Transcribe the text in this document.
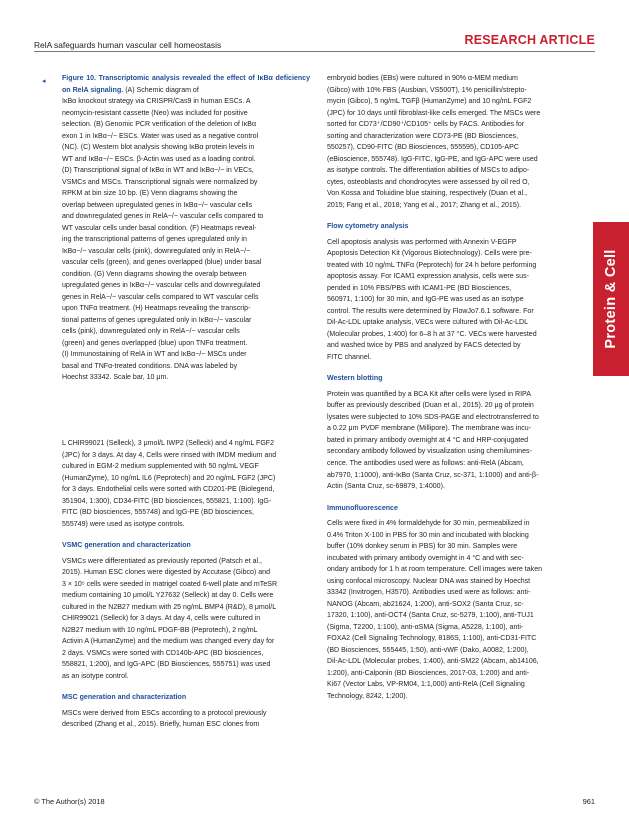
RelA safeguards human vascular cell homeostasis	RESEARCH ARTICLE
◂ Figure 10. Transcriptomic analysis revealed the effect of IκBα deficiency on RelA signaling. (A) Schemic diagram of
IκBα knockout strategy via CRISPR/Cas9 in human ESCs. A
neomycin-resistant cassette (Neo) was included for positive
selection. (B) Genomic PCR verification of the deletion of IκBα
exon 1 in IκBα−/− ESCs. Water was used as a negative control
(NC). (C) Western blot analysis showing IκBα protein levels in
WT and IκBα−/− ESCs. β-Actin was used as a loading control.
(D) Transcriptional signal of IκBα in WT and IκBα−/− in VECs,
VSMCs and MSCs. Transcriptional signals were normalized by
RPKM at bin size 10 bp. (E) Venn diagrams showing the
overlap between upregulated genes in IκBα−/− vascular cells
and downregulated genes in RelA−/− vascular cells compared to
WT vascular cells under basal condition. (F) Heatmaps reveal-
ing the transcriptional patterns of genes upregulated only in
IκBα−/− vascular cells (pink), downregulated only in RelA−/−
vascular cells (green), and genes overlapped (blue) under basal
condition. (G) Venn diagrams showing the overalp between
upregulated genes in IκBα−/− vascular cells and downregulated
genes in RelA−/− vascular cells compared to WT vascular cells
upon TNFα treatment. (H) Heatmaps revealing the transcrip-
tional patterns of genes upregulated only in IκBα−/− vascular
cells (pink), downregulated only in RelA−/− vascular cells
(green) and genes overlapped (blue) upon TNFα treatment.
(I) Immunostaining of RelA in WT and IκBα−/− MSCs under
basal and TNFα-treated conditions. DNA was labeled by
Hoechst 33342. Scale bar, 10 μm.
L CHIR99021 (Selleck), 3 μmol/L IWP2 (Selleck) and 4 ng/mL FGF2
(JPC) for 3 days. At day 4, Cells were rinsed with IMDM medium and
cultured in EGM-2 medium supplemented with 50 ng/mL VEGF
(HumanZyme), 10 ng/mL IL6 (Peprotech) and 20 ng/mL FGF2 (JPC)
for 3 days. Endothelial cells were sorted with CD201-PE (Biolegend,
351904, 1:300), CD34-FITC (BD biosciences, 555821, 1:100). IgG-
FITC (BD biosciences, 555748) and IgG-PE (BD biosciences,
555749) were used as isotype controls.

VSMC generation and characterization

VSMCs were differentiated as previously reported (Patsch et al.,
2015). Human ESC clones were digested by Accutase (Gibco) and
3 × 10⁵ cells were seeded in matrigel coated 6-well plate and mTeSR
medium containing 10 μmol/L Y27632 (Selleck) at day 0. Cells were
cultured in the N2B27 medium with 25 ng/mL BMP4 (R&D), 8 μmol/L
CHIR99021 (Selleck) for 3 days. At day 4, cells were cultured in
N2B27 medium with 10 ng/mL PDGF-BB (Peprotech), 2 ng/mL
Activin A (HumanZyme) and the medium was changed every day for
2 days. VSMCs were sorted with CD140b-APC (BD biosciences,
558821, 1:200), and IgG-APC (BD Biosciences, 555751) was used
as an isotype control.

MSC generation and characterization

MSCs were derived from ESCs according to a protocol previously
described (Zhang et al., 2015). Briefly, human ESC clones from
embryoid bodies (EBs) were cultured in 90% α-MEM medium
(Gibco) with 10% FBS (Ausbian, VS500T), 1% penicillin/strepto-
mycin (Gibco), 5 ng/mL TGFβ (HumanZyme) and 10 ng/mL FGF2
(JPC) for 10 days until fibroblast-like cells emerged. The MSCs were
sorted for CD73⁺/CD90⁺/CD105⁺ cells by FACS. Antibodies for
sorting and characterization were CD73-PE (BD Biosciences,
550257), CD90-FITC (BD Biosciences, 555595), CD105-APC
(eBioscience, 555748). IgG-FITC, IgG-PE, and IgG-APC were used
as isotype controls. The differentiation abilities of MSCs to adipo-
cytes, osteoblasts and chondrocytes were assessed by oil red O,
Von Kossa and Toluidine blue staining, respectively (Duan et al.,
2015; Fang et al., 2018; Yang et al., 2017; Zhang et al., 2015).

Flow cytometry analysis

Cell apoptosis analysis was performed with Annexin V-EGFP
Apoptosis Detection Kit (Vigorous Biotechnology). Cells were pre-
treated with 10 ng/mL TNFα (Peprotech) for 24 h before performing
apoptosis assay. For ICAM1 expression analysis, cells were sus-
pended in 10% FBS/PBS with ICAM1-PE (BD Biosciences,
560971, 1:100) for 30 min, and IgG-PE was used as an isotype
control. The results were determined by FlowJo7.6.1 software. For
Dil-Ac-LDL uptake analysis, VECs were cultured with Dil-Ac-LDL
(Molecular probes, 1:400) for 6–8 h at 37 °C. VECs were harvested
and washed twice by PBS and analyzed by FACS detected by
FITC channel.

Western blotting

Protein was quantified by a BCA Kit after cells were lysed in RIPA
buffer as previously described (Duan et al., 2015). 20 μg of protein
lysates were subjected to 10% SDS-PAGE and electrotransferred to
a 0.22 μm PVDF membrane (Millipore). The membrane was incu-
bated in primary antibody overnight at 4 °C and HRP-conjugated
secondary antibody followed by visualization using chemilumines-
cence. The antibodies used were as follows: anti-RelA (Abcam,
ab7970, 1:1000), anti-IκBα (Santa Cruz, sc-371, 1:1000) and anti-β-
Actin (Santa Cruz, sc-69879, 1:4000).

Immunofluorescence

Cells were fixed in 4% formaldehyde for 30 min, permeabilized in
0.4% Triton X-100 in PBS for 30 min and incubated with blocking
buffer (10% donkey serum in PBS) for 30 min. Samples were
incubated with primary antibody overnight in 4 °C and with sec-
ondary antibody for 1 h at room temperature. Cell images were taken
using confocal microscopy. Nuclear DNA was stained by Hoechst
33342 (Invitrogen, H3570). Antibodies used were as follows: anti-
NANOG (Abcam, ab21624, 1:200), anti-SOX2 (Santa Cruz, sc-
17320, 1:100), anti-OCT4 (Santa Cruz, sc-5279, 1:100), anti-TUJ1
(Sigma, T2200, 1:100), anti-αSMA (Sigma, A5228, 1:100), anti-
FOXA2 (Cell Signaling Technology, 8186S, 1:100), anti-CD31-FITC
(BD Biosciences, 555445, 1:50), anti-vWF (Dako, A0082, 1:200),
Dil-Ac-LDL (Molecular probes, 1:400), anti-SM22 (Abcam, ab14106,
1:200), anti-Calponin (BD Biosciences, 2017-03, 1:200) and anti-
Ki67 (Vector Labs, VP-RM04, 1:1,000) anti-RelA (Cell Signaling
Technology, 8242, 1:200).
Protein & Cell
© The Author(s) 2018	961
